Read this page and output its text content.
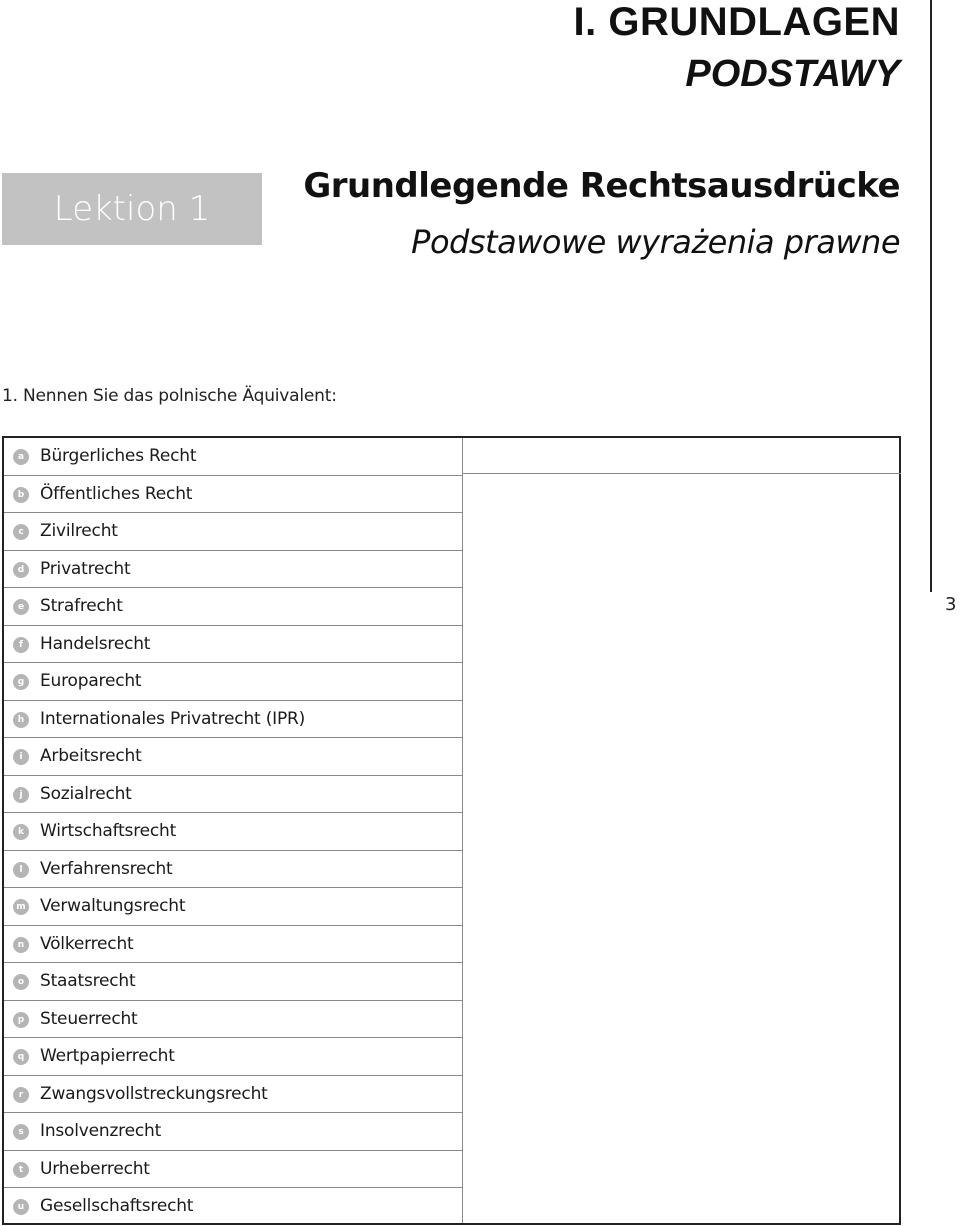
I. GRUNDLAGEN
PODSTAWY
3
Lektion 1
Grundlegende Rechtsausdrücke
Podstawowe wyrażenia prawne
1. Nennen Sie das polnische Äquivalent:
a Bürgerliches Recht
b Öffentliches Recht
c Zivilrecht
d Privatrecht
e Strafrecht
f	Handelsrecht
g Europarecht
h Internationales Privatrecht (IPR)
i	Arbeitsrecht
j	Sozialrecht
k Wirtschaftsrecht
l	Verfahrensrecht
m Verwaltungsrecht
n Völkerrecht
o Staatsrecht
p Steuerrecht
q Wertpapierrecht
r Zwangsvollstreckungsrecht
s Insolvenzrecht
t Urheberrecht
u Gesellschaftsrecht
